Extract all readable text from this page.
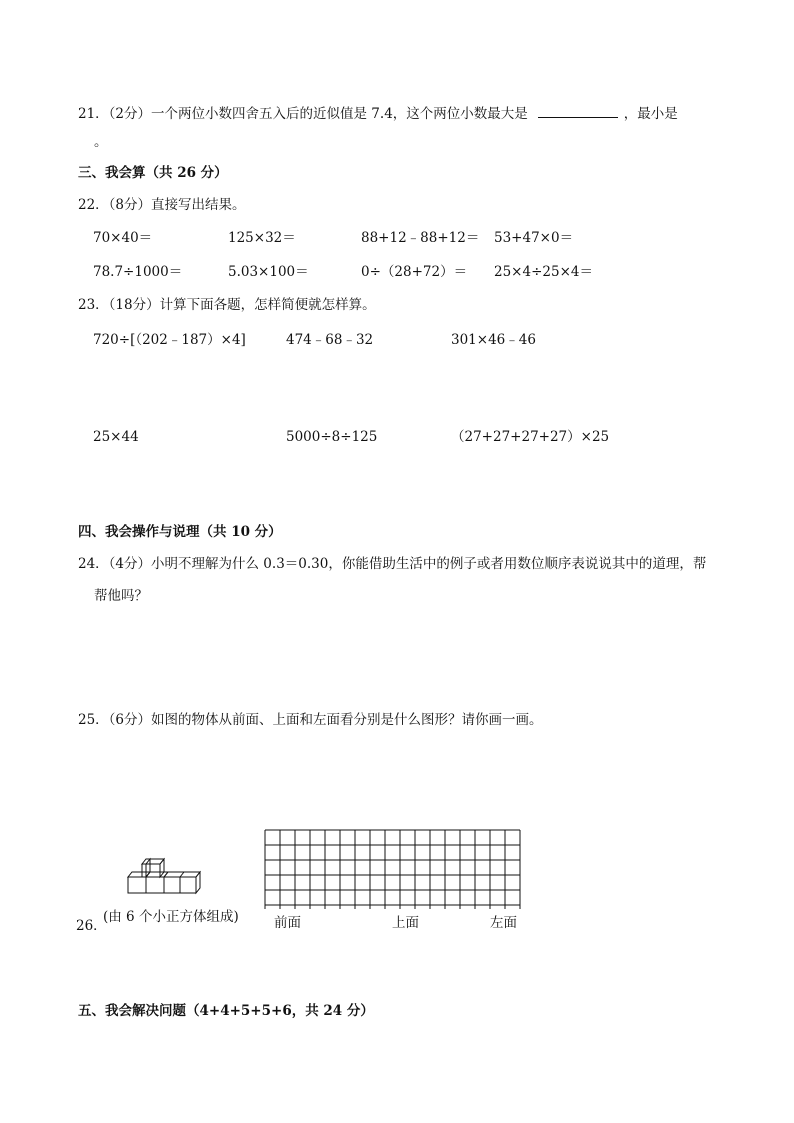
21．（2分）一个两位小数四舍五入后的近似值是 7.4，这个两位小数最大是	，最小是
。
三、我会算（共 26 分）
22．（8分）直接写出结果。
70×40＝	125×32＝	88+12﹣88+12＝ 53+47×0＝
78.7÷1000＝	5.03×100＝	0÷（28+72）＝ 25×4÷25×4＝
23．（18分）计算下面各题，怎样简便就怎样算。
720÷[（202﹣187）×4]	474﹣68﹣32	301×46﹣46
25×44	5000÷8÷125	（27+27+27+27）×25
四、我会操作与说理（共 10 分）
24．（4分）小明不理解为什么 0.3＝0.30，你能借助生活中的例子或者用数位顺序表说说其中的道理，帮
帮他吗？
25．（6分）如图的物体从前面、上面和左面看分别是什么图形？请你画一画。
26．
(由 6 个小正方体组成)	前面	上面	左面
五、我会解决问题（4+4+5+5+6，共 24 分）
